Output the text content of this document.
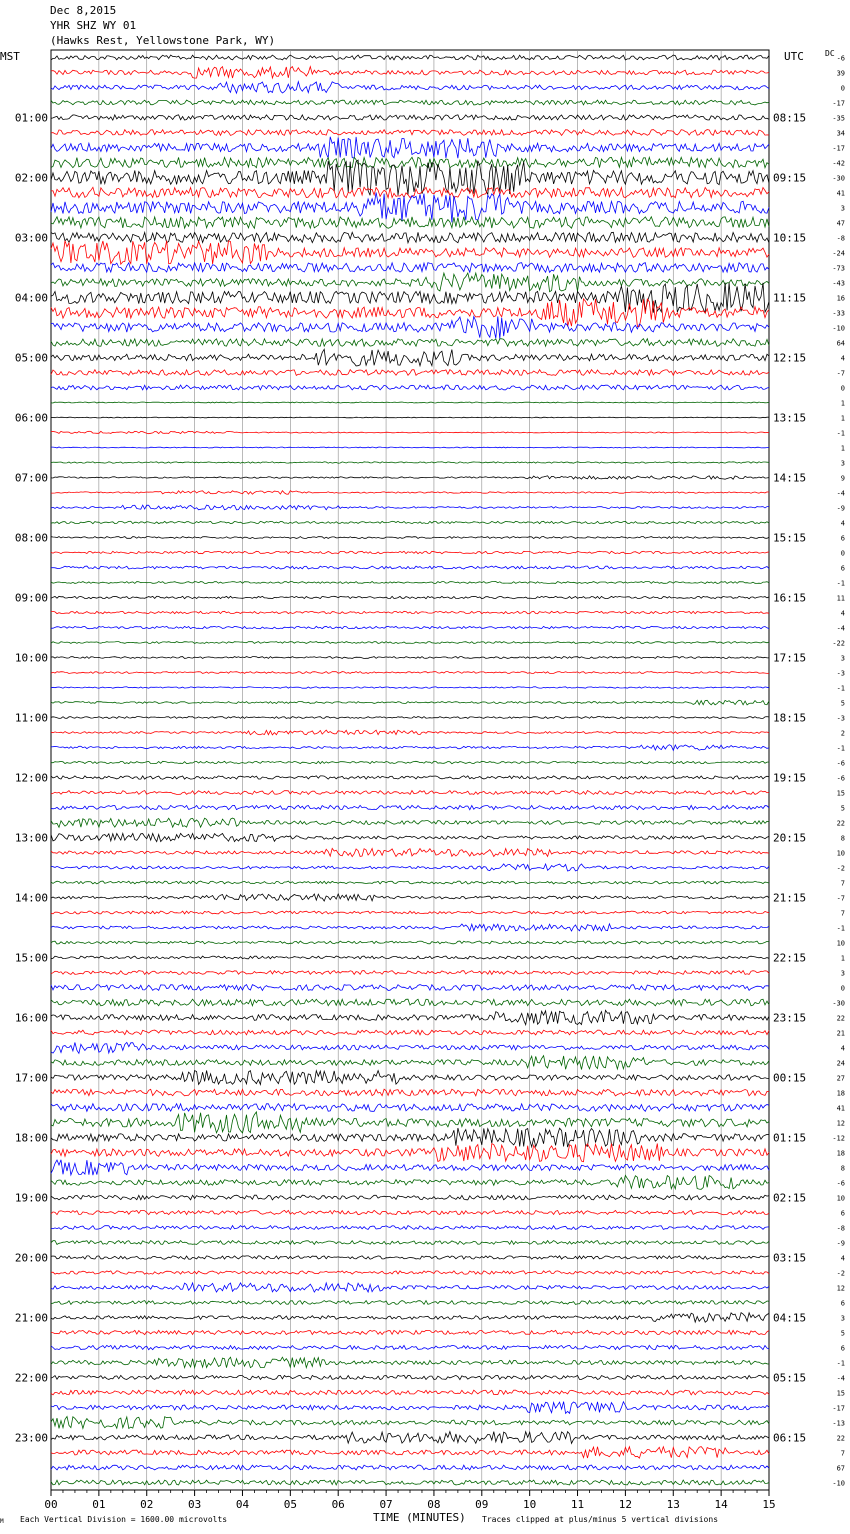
Dec 8,2015
YHR SHZ WY 01
(Hawks Rest, Yellowstone Park, WY)
MST	UTC	DC
00	01	02	03	04	05	06	07	08	09	10	11	12	13	14	15
01:00	08:15
02:00	09:15
03:00	10:15
04:00	11:15
05:00	12:15
06:00	13:15
07:00	14:15
08:00	15:15
09:00	16:15
10:00	17:15
11:00	18:15
12:00	19:15
13:00	20:15
14:00	21:15
15:00	22:15
16:00	23:15
17:00	00:15
18:00	01:15
19:00	02:15
20:00	03:15
21:00	04:15
22:00	05:15
23:00	06:15
-6
39
0
-17
-35
34
-17
-42
-30
41
3
47
-8
-24
-73
-43
16
-33
-10
64
4
-7
0
1
1
-1
1
3
9
-4
-9
4
6
0
6
-1
11
4
-4
-22
3
-3
-1
5
-3
2
-1
-6
-6
15
5
22
8
10
-2
7
-7
7
-1
10
1
3
0
-30
22
21
4
24
27
18
41
12
-12
18
8
-6
10
6
-8
-9
4
-2
12
6
3
5
6
-1
-4
15
-17
-13
22
7
67
-10
TIME (MINUTES)
Each Vertical Division = 1600.00 microvolts	Traces clipped at plus/minus 5 vertical divisions
M
